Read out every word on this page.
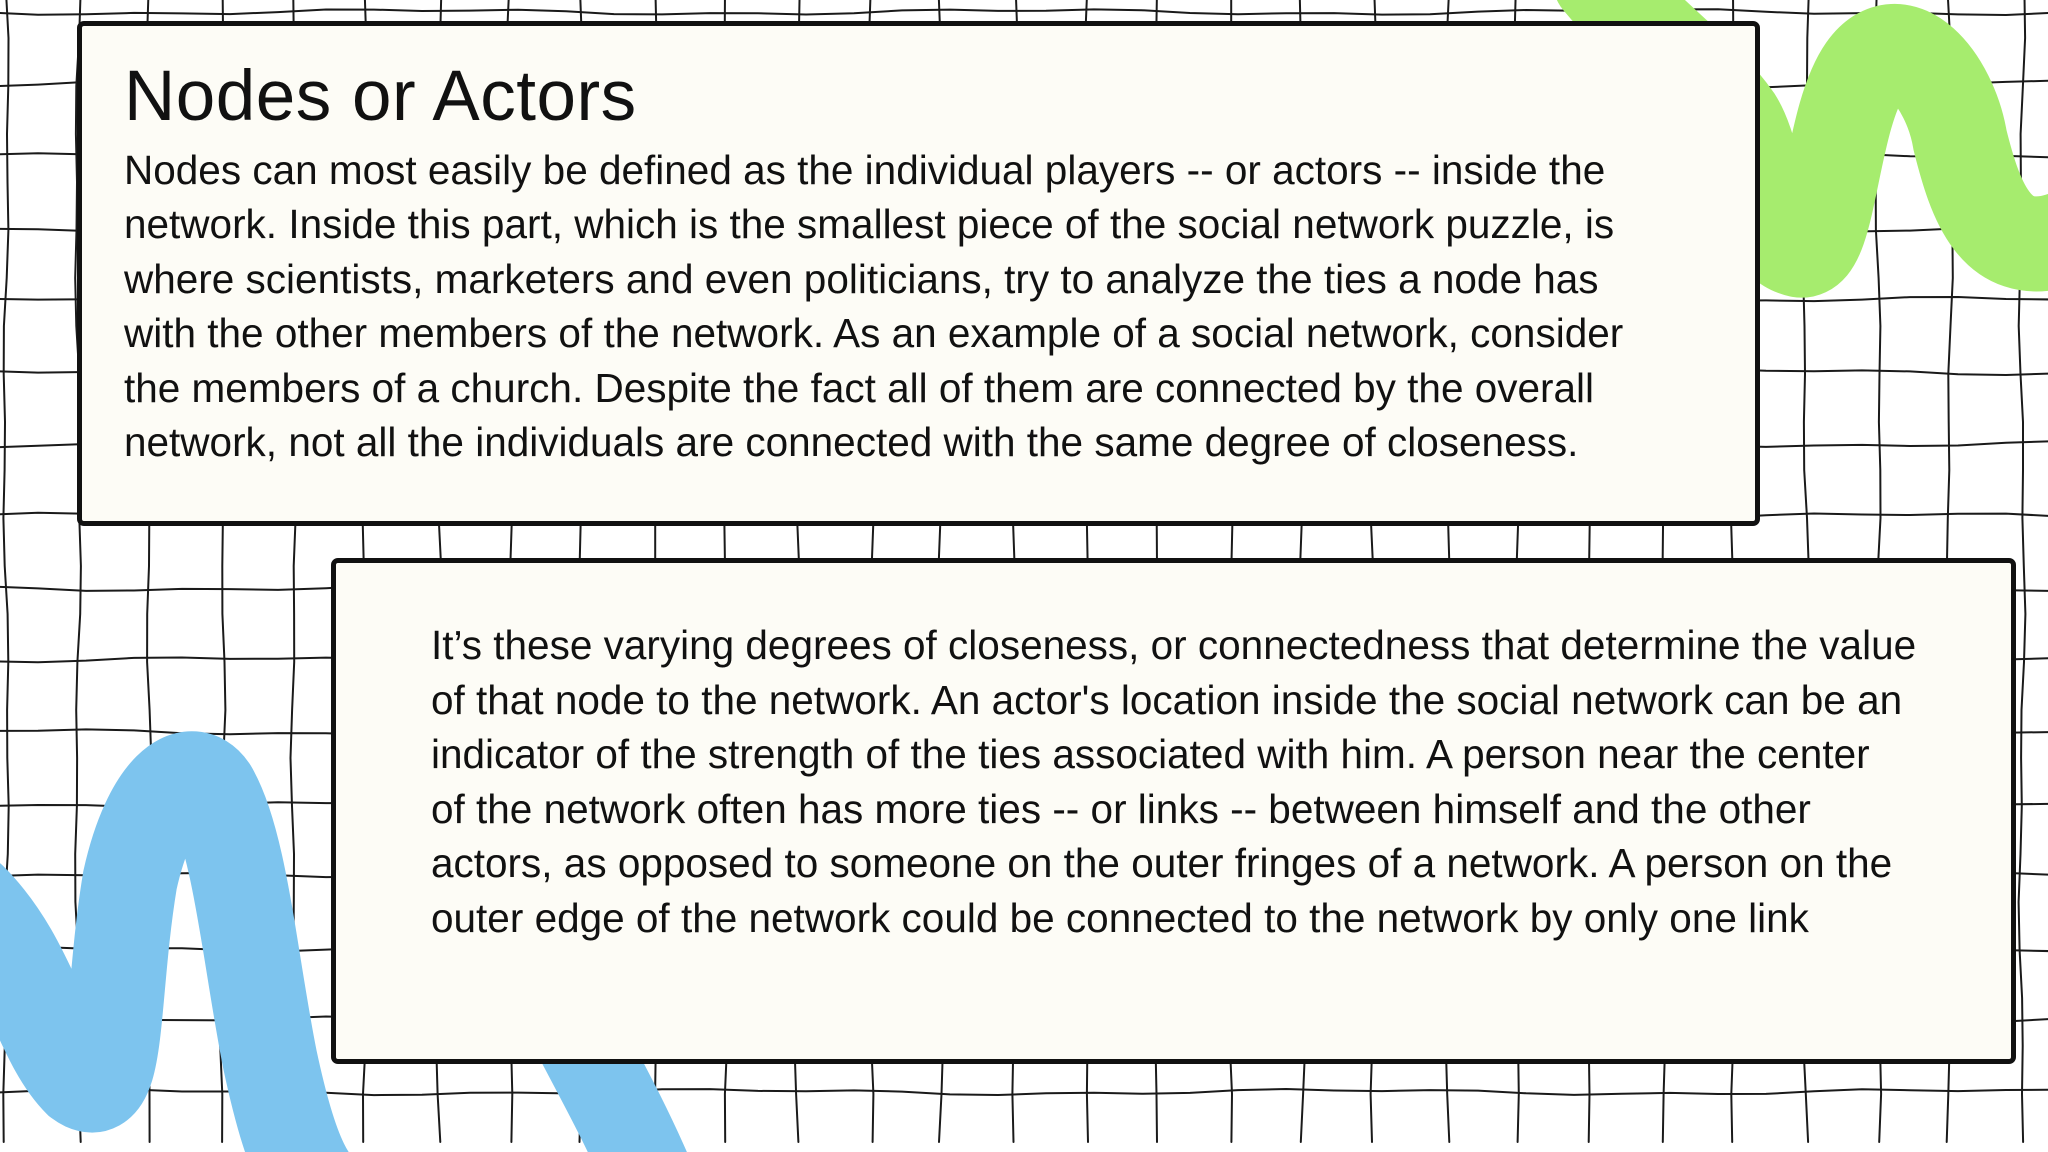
Nodes or Actors

Nodes can most easily be defined as the individual players -- or actors -- inside the
network. Inside this part, which is the smallest piece of the social network puzzle, is
where scientists, marketers and even politicians, try to analyze the ties a node has
with the other members of the network. As an example of a social network, consider
the members of a church. Despite the fact all of them are connected by the overall
network, not all the individuals are connected with the same degree of closeness.

It’s these varying degrees of closeness, or connectedness that determine the value
of that node to the network. An actor's location inside the social network can be an
indicator of the strength of the ties associated with him. A person near the center
of the network often has more ties -- or links -- between himself and the other
actors, as opposed to someone on the outer fringes of a network. A person on the
outer edge of the network could be connected to the network by only one link
